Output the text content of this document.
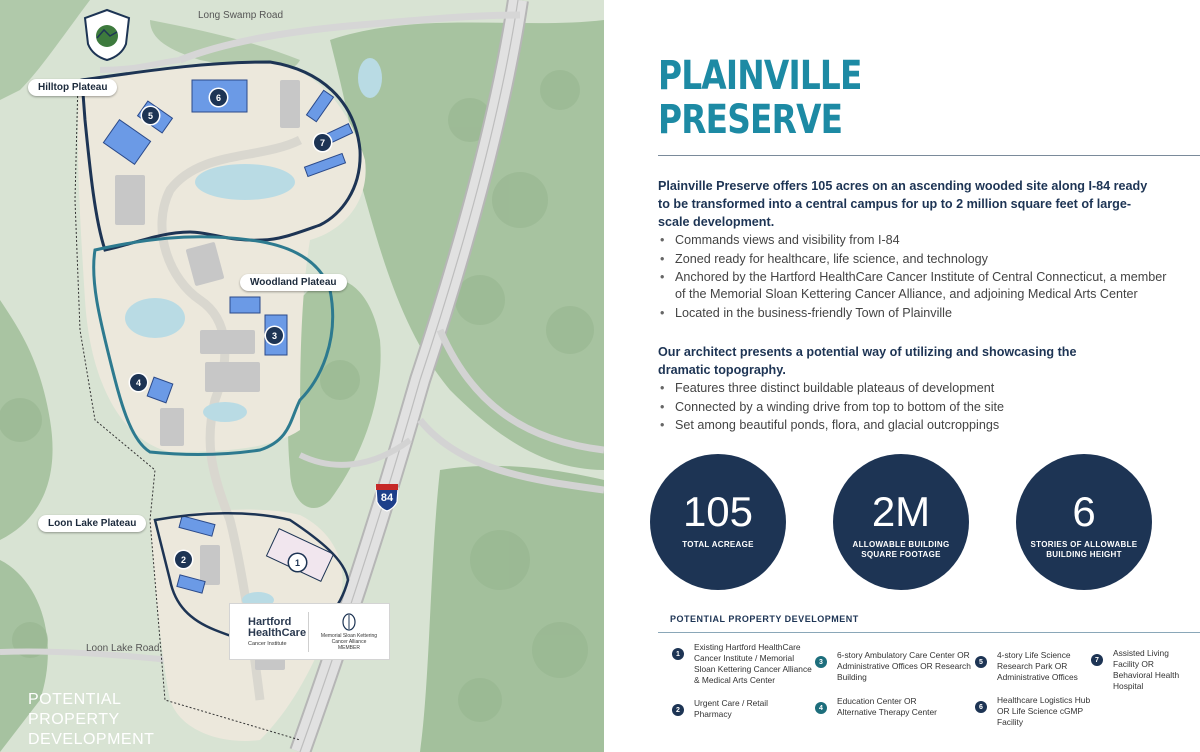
Long Swamp Road
Loon Lake Road
Hilltop Plateau
Woodland Plateau
Loon Lake Plateau
84
1
2
3
4
5
6
7
Hartford
HealthCare
Cancer Institute
Memorial Sloan Kettering
Cancer Alliance
MEMBER
POTENTIAL
PROPERTY
DEVELOPMENT
PLAINVILLE
PRESERVE
Plainville Preserve offers 105 acres on an ascending wooded site along I-84 ready to be transformed into a central campus for up to 2 million square feet of large-scale development.
• Commands views and visibility from I-84
• Zoned ready for healthcare, life science, and technology
• Anchored by the Hartford HealthCare Cancer Institute of Central Connecticut, a member of the Memorial Sloan Kettering Cancer Alliance, and adjoining Medical Arts Center
• Located in the business-friendly Town of Plainville
Our architect presents a potential way of utilizing and showcasing the dramatic topography.
• Features three distinct buildable plateaus of development
• Connected by a winding drive from top to bottom of the site
• Set among beautiful ponds, flora, and glacial outcroppings
105
TOTAL ACREAGE
2M
ALLOWABLE BUILDING SQUARE FOOTAGE
6
STORIES OF ALLOWABLE BUILDING HEIGHT
POTENTIAL PROPERTY DEVELOPMENT
1
Existing Hartford HealthCare Cancer Institute / Memorial Sloan Kettering Cancer Alliance & Medical Arts Center
2
Urgent Care / Retail Pharmacy
3
6-story Ambulatory Care Center OR Administrative Offices OR Research Building
4
Education Center OR Alternative Therapy Center
5
4-story Life Science Research Park OR Administrative Offices
6
Healthcare Logistics Hub OR Life Science cGMP Facility
7
Assisted Living Facility OR Behavioral Health Hospital
